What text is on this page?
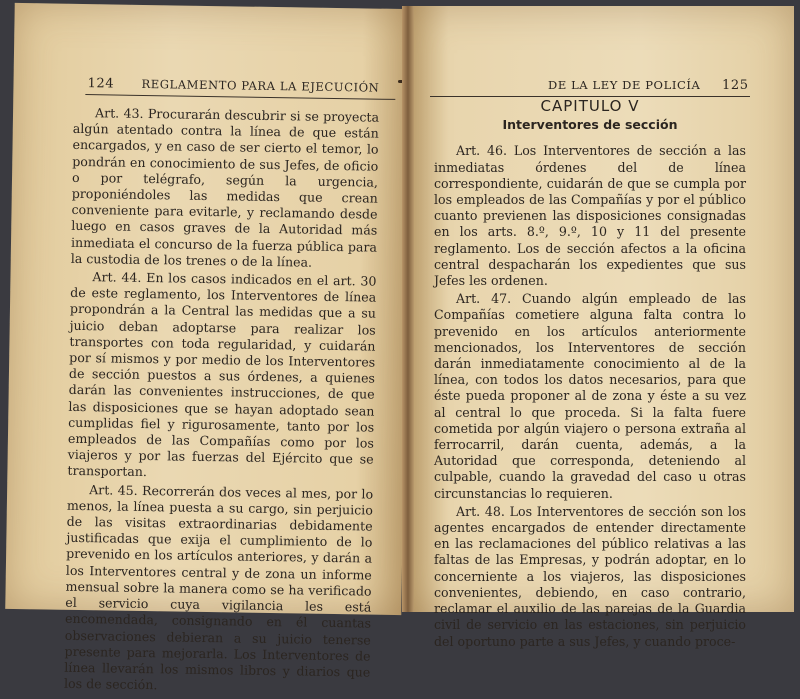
124 REGLAMENTO PARA LA EJECUCIÓN

Art. 43. Procurarán descubrir si se proyecta algún atentado contra la línea de que están encargados, y en caso de ser cierto el temor, lo pondrán en conocimiento de sus Jefes, de oficio o por telégrafo, según la urgencia, proponiéndoles las medidas que crean conveniente para evitarle, y reclamando desde luego en casos graves de la Autoridad más inmediata el concurso de la fuerza pública para la custodia de los trenes o de la línea.

Art. 44. En los casos indicados en el art. 30 de este reglamento, los Interventores de línea propondrán a la Central las medidas que a su juicio deban adoptarse para realizar los transportes con toda regularidad, y cuidarán por sí mismos y por medio de los Interventores de sección puestos a sus órdenes, a quienes darán las convenientes instrucciones, de que las disposiciones que se hayan adoptado sean cumplidas fiel y rigurosamente, tanto por los empleados de las Compañías como por los viajeros y por las fuerzas del Ejército que se transportan.

Art. 45. Recorrerán dos veces al mes, por lo menos, la línea puesta a su cargo, sin perjuicio de las visitas extraordinarias debidamente justificadas que exija el cumplimiento de lo prevenido en los artículos anteriores, y darán a los Interventores central y de zona un informe mensual sobre la manera como se ha verificado el servicio cuya vigilancia les está encomendada, consignando en él cuantas observaciones debieran a su juicio tenerse presente para mejorarla. Los Interventores de línea llevarán los mismos libros y diarios que los de sección.

DE LA LEY DE POLICÍA 125
CAPITULO V
Interventores de sección

Art. 46. Los Interventores de sección a las inmediatas órdenes del de línea correspondiente, cuidarán de que se cumpla por los empleados de las Compañías y por el público cuanto previenen las disposiciones consignadas en los arts. 8.º, 9.º, 10 y 11 del presente reglamento. Los de sección afectos a la oficina central despacharán los expedientes que sus Jefes les ordenen.

Art. 47. Cuando algún empleado de las Compañías cometiere alguna falta contra lo prevenido en los artículos anteriormente mencionados, los Interventores de sección darán inmediatamente conocimiento al de la línea, con todos los datos necesarios, para que éste pueda proponer al de zona y éste a su vez al central lo que proceda. Si la falta fuere cometida por algún viajero o persona extraña al ferrocarril, darán cuenta, además, a la Autoridad que corresponda, deteniendo al culpable, cuando la gravedad del caso u otras circunstancias lo requieren.

Art. 48. Los Interventores de sección son los agentes encargados de entender directamente en las reclamaciones del público relativas a las faltas de las Empresas, y podrán adoptar, en lo concerniente a los viajeros, las disposiciones convenientes, debiendo, en caso contrario, reclamar el auxilio de las parejas de la Guardia civil de servicio en las estaciones, sin perjuicio del oportuno parte a sus Jefes, y cuando proce-
